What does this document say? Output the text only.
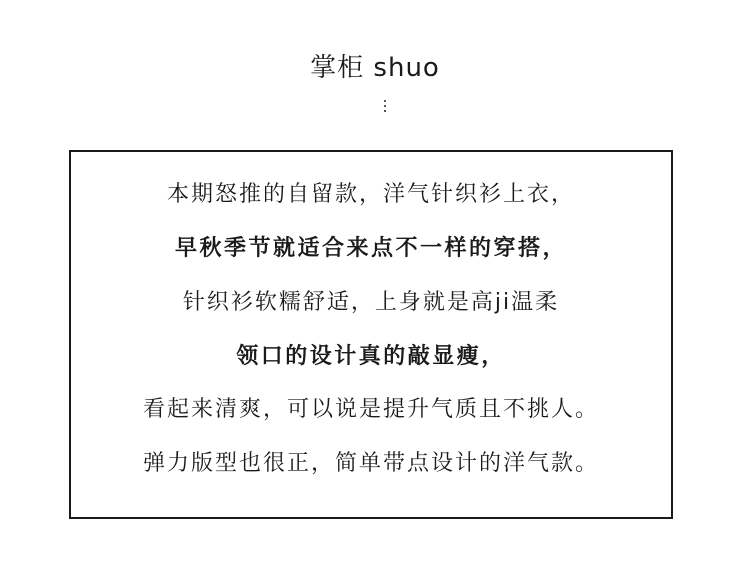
掌柜 shuo
本期怒推的自留款，洋气针织衫上衣，
早秋季节就适合来点不一样的穿搭，
针织衫软糯舒适，上身就是高ji温柔
领口的设计真的敲显瘦，
看起来清爽，可以说是提升气质且不挑人。
弹力版型也很正，简单带点设计的洋气款。
